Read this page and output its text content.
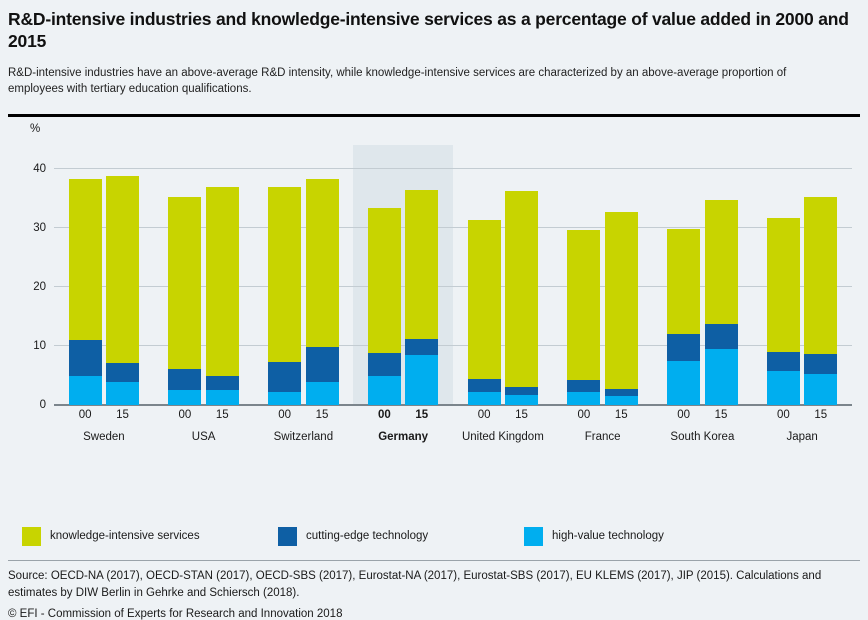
R&D-intensive industries and knowledge-intensive services as a percentage of value added in 2000 and 2015
R&D-intensive industries have an above-average R&D intensity, while knowledge-intensive services are characterized by an above-average proportion of employees with tertiary education qualifications.
%
0
10
20
30
40
00	15
Sweden
00	15
USA
00	15
Switzerland
00	15
Germany
00	15
United Kingdom
00	15
France
00	15
South Korea
00	15
Japan
knowledge-intensive services	cutting-edge technology	high-value technology
Source: OECD-NA (2017), OECD-STAN (2017), OECD-SBS (2017), Eurostat-NA (2017), Eurostat-SBS (2017), EU KLEMS (2017), JIP (2015). Calculations and estimates by DIW Berlin in Gehrke and Schiersch (2018).
© EFI - Commission of Experts for Research and Innovation 2018
